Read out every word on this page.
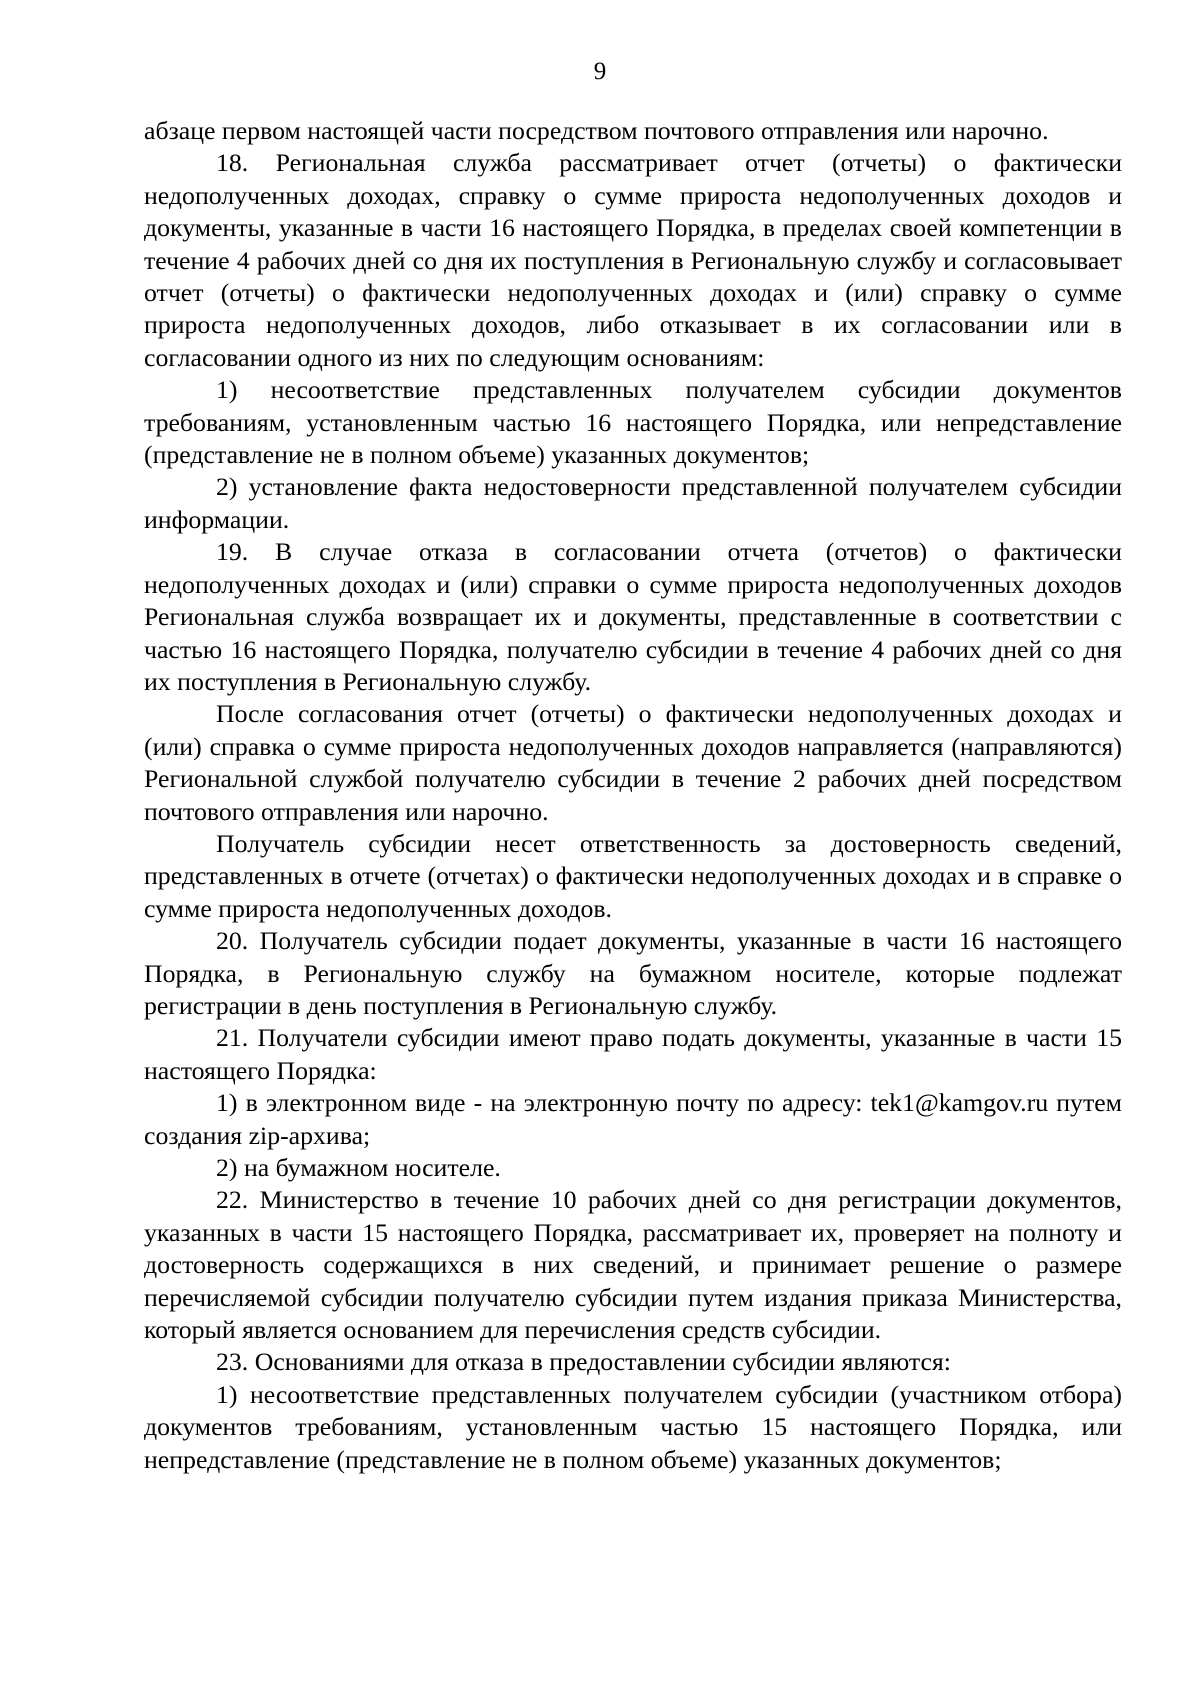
9

абзаце первом настоящей части посредством почтового отправления или нарочно.

18. Региональная служба рассматривает отчет (отчеты) о фактически недополученных доходах, справку о сумме прироста недополученных доходов и документы, указанные в части 16 настоящего Порядка, в пределах своей компетенции в течение 4 рабочих дней со дня их поступления в Региональную службу и согласовывает отчет (отчеты) о фактически недополученных доходах и (или) справку о сумме прироста недополученных доходов, либо отказывает в их согласовании или в согласовании одного из них по следующим основаниям:

1) несоответствие представленных получателем субсидии документов требованиям, установленным частью 16 настоящего Порядка, или непредставление (представление не в полном объеме) указанных документов;

2) установление факта недостоверности представленной получателем субсидии информации.

19. В случае отказа в согласовании отчета (отчетов) о фактически недополученных доходах и (или) справки о сумме прироста недополученных доходов Региональная служба возвращает их и документы, представленные в соответствии с частью 16 настоящего Порядка, получателю субсидии в течение 4 рабочих дней со дня их поступления в Региональную службу.

После согласования отчет (отчеты) о фактически недополученных доходах и (или) справка о сумме прироста недополученных доходов направляется (направляются) Региональной службой получателю субсидии в течение 2 рабочих дней посредством почтового отправления или нарочно.

Получатель субсидии несет ответственность за достоверность сведений, представленных в отчете (отчетах) о фактически недополученных доходах и в справке о сумме прироста недополученных доходов.

20. Получатель субсидии подает документы, указанные в части 16 настоящего Порядка, в Региональную службу на бумажном носителе, которые подлежат регистрации в день поступления в Региональную службу.

21. Получатели субсидии имеют право подать документы, указанные в части 15 настоящего Порядка:

1) в электронном виде - на электронную почту по адресу: tek1@kamgov.ru путем создания zip-архива;

2) на бумажном носителе.

22. Министерство в течение 10 рабочих дней со дня регистрации документов, указанных в части 15 настоящего Порядка, рассматривает их, проверяет на полноту и достоверность содержащихся в них сведений, и принимает решение о размере перечисляемой субсидии получателю субсидии путем издания приказа Министерства, который является основанием для перечисления средств субсидии.

23. Основаниями для отказа в предоставлении субсидии являются:

1) несоответствие представленных получателем субсидии (участником отбора) документов требованиям, установленным частью 15 настоящего Порядка, или непредставление (представление не в полном объеме) указанных документов;
